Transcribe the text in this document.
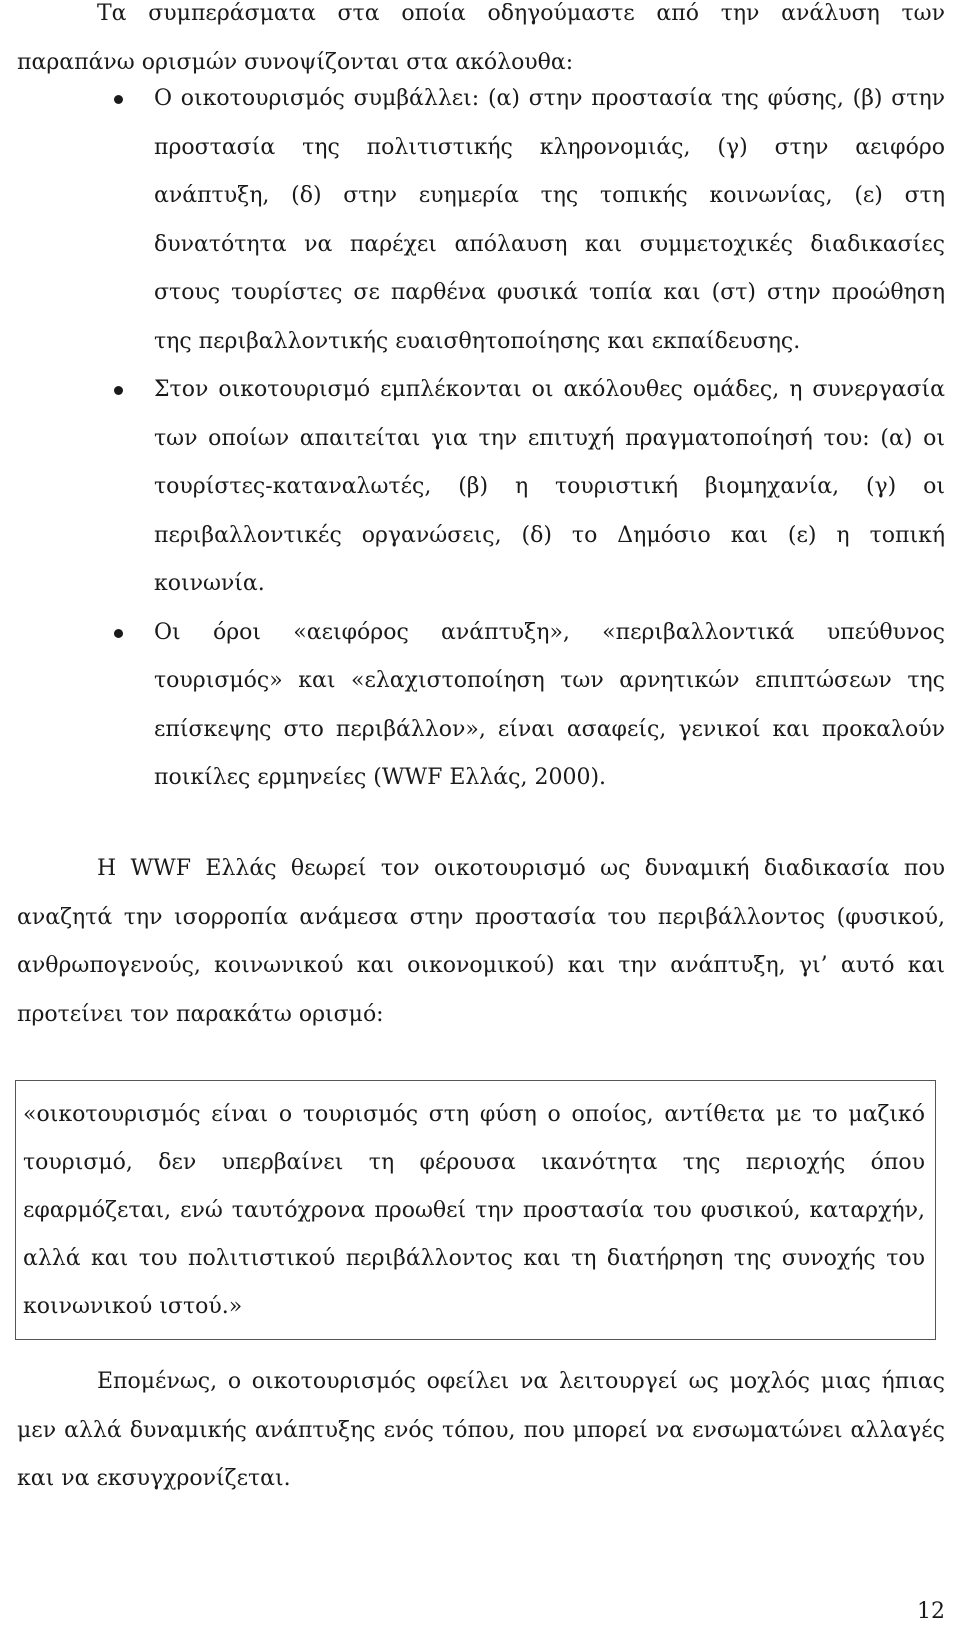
Τα συμπεράσματα στα οποία οδηγούμαστε από την ανάλυση των παραπάνω ορισμών συνοψίζονται στα ακόλουθα:

Ο οικοτουρισμός συμβάλλει: (α) στην προστασία της φύσης, (β) στην προστασία της πολιτιστικής κληρονομιάς, (γ) στην αειφόρο ανάπτυξη, (δ) στην ευημερία της τοπικής κοινωνίας, (ε) στη δυνατότητα να παρέχει απόλαυση και συμμετοχικές διαδικασίες στους τουρίστες σε παρθένα φυσικά τοπία και (στ) στην προώθηση της περιβαλλοντικής ευαισθητοποίησης και εκπαίδευσης.
Στον οικοτουρισμό εμπλέκονται οι ακόλουθες ομάδες, η συνεργασία των οποίων απαιτείται για την επιτυχή πραγματοποίησή του: (α) οι τουρίστες-καταναλωτές, (β) η τουριστική βιομηχανία, (γ) οι περιβαλλοντικές οργανώσεις, (δ) το Δημόσιο και (ε) η τοπική κοινωνία.
Οι όροι «αειφόρος ανάπτυξη», «περιβαλλοντικά υπεύθυνος τουρισμός» και «ελαχιστοποίηση των αρνητικών επιπτώσεων της επίσκεψης στο περιβάλλον», είναι ασαφείς, γενικοί και προκαλούν ποικίλες ερμηνείες (WWF Ελλάς, 2000).

Η WWF Ελλάς θεωρεί τον οικοτουρισμό ως δυναμική διαδικασία που αναζητά την ισορροπία ανάμεσα στην προστασία του περιβάλλοντος (φυσικού, ανθρωπογενούς, κοινωνικού και οικονομικού) και την ανάπτυξη, γι’ αυτό και προτείνει τον παρακάτω ορισμό:

«οικοτουρισμός είναι ο τουρισμός στη φύση ο οποίος, αντίθετα με το μαζικό τουρισμό, δεν υπερβαίνει τη φέρουσα ικανότητα της περιοχής όπου εφαρμόζεται, ενώ ταυτόχρονα προωθεί την προστασία του φυσικού, καταρχήν, αλλά και του πολιτιστικού περιβάλλοντος και τη διατήρηση της συνοχής του κοινωνικού ιστού.»

Επομένως, ο οικοτουρισμός οφείλει να λειτουργεί ως μοχλός μιας ήπιας μεν αλλά δυναμικής ανάπτυξης ενός τόπου, που μπορεί να ενσωματώνει αλλαγές και να εκσυγχρονίζεται.

12
